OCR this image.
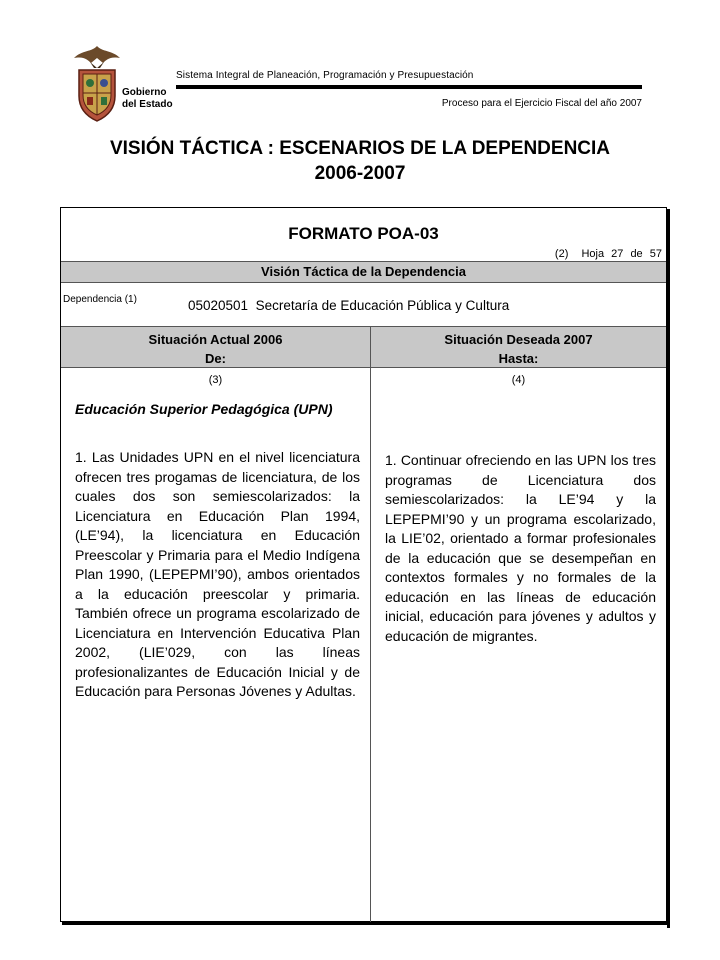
Gobierno del Estado
Sistema Integral de Planeación, Programación y Presupuestación
Proceso para el Ejercicio Fiscal del año 2007
VISIÓN TÁCTICA : ESCENARIOS DE LA DEPENDENCIA
2006-2007
FORMATO POA-03
(2) Hoja 27 de 57
Visión Táctica de la Dependencia
Dependencia (1)	05020501  Secretaría de Educación Pública y Cultura
Situación Actual 2006
De:
Situación Deseada 2007
Hasta:
(3)	(4)
Educación Superior Pedagógica (UPN)
1. Las Unidades UPN en el nivel licenciatura ofrecen tres progamas de licenciatura, de los cuales dos son semiescolarizados: la Licenciatura en Educación Plan 1994, (LE’94), la licenciatura en Educación Preescolar y Primaria para el Medio Indígena Plan 1990, (LEPEPMI’90), ambos orientados a la educación preescolar y primaria. También ofrece un programa escolarizado de Licenciatura en Intervención Educativa Plan 2002, (LIE’029, con las líneas profesionalizantes de Educación Inicial y de Educación para Personas Jóvenes y Adultas.
1. Continuar ofreciendo en las UPN los tres programas de Licenciatura dos semiescolarizados: la LE’94 y la LEPEPMI’90 y un programa escolarizado, la LIE’02, orientado a formar profesionales de la educación que se desempeñan en contextos formales y no formales de la educación en las líneas de educación inicial, educación para jóvenes y adultos y educación de migrantes.
